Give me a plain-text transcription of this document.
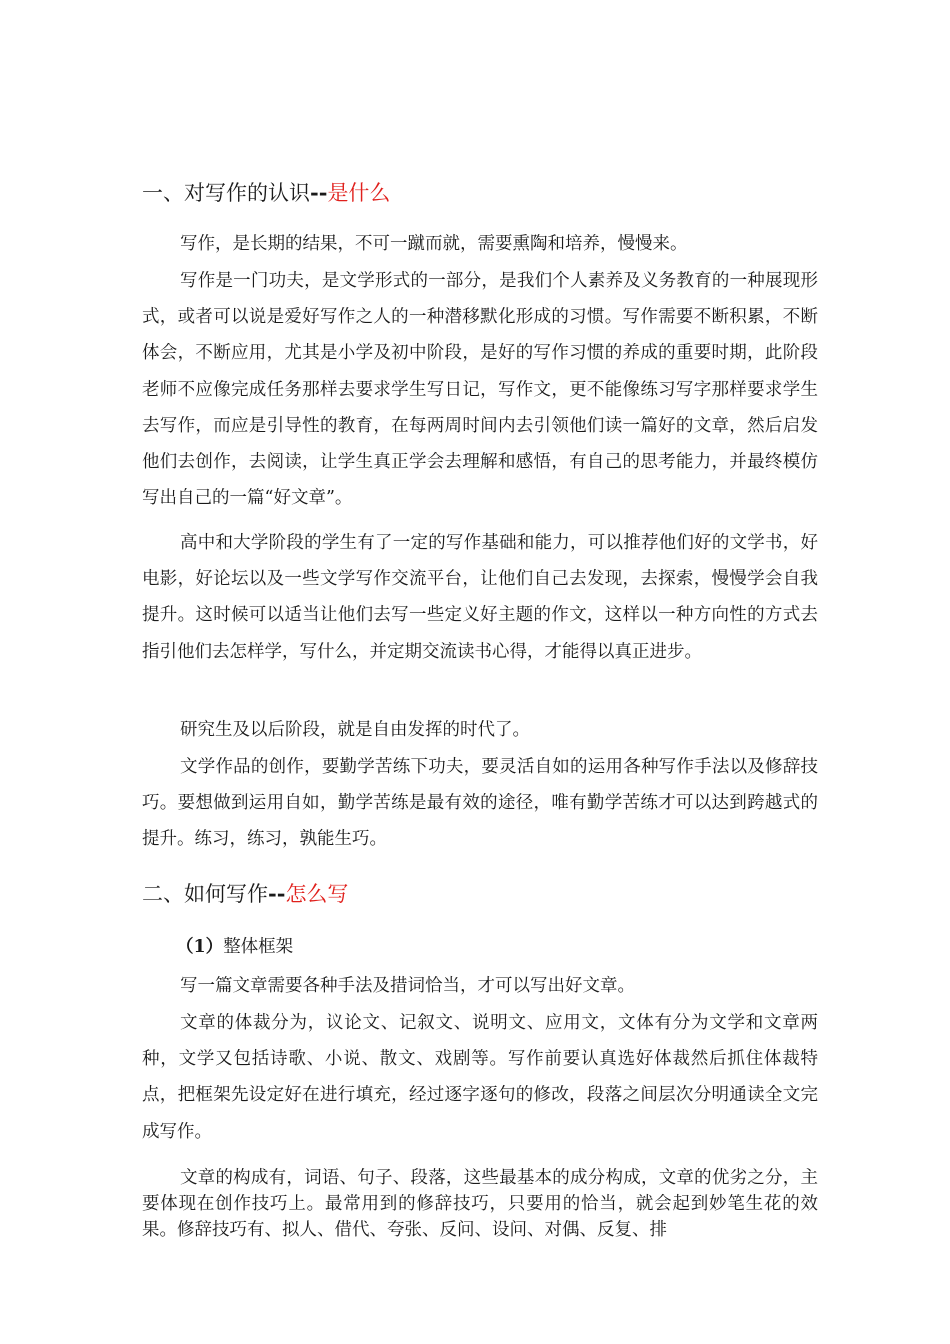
一、对写作的认识--是什么

写作，是长期的结果，不可一蹴而就，需要熏陶和培养，慢慢来。

写作是一门功夫，是文学形式的一部分，是我们个人素养及义务教育的一种展现形式，或者可以说是爱好写作之人的一种潜移默化形成的习惯。写作需要不断积累，不断体会，不断应用，尤其是小学及初中阶段，是好的写作习惯的养成的重要时期，此阶段老师不应像完成任务那样去要求学生写日记，写作文，更不能像练习写字那样要求学生去写作，而应是引导性的教育，在每两周时间内去引领他们读一篇好的文章，然后启发他们去创作，去阅读，让学生真正学会去理解和感悟，有自己的思考能力，并最终模仿写出自己的一篇“好文章”。

高中和大学阶段的学生有了一定的写作基础和能力，可以推荐他们好的文学书，好电影，好论坛以及一些文学写作交流平台，让他们自己去发现，去探索，慢慢学会自我提升。这时候可以适当让他们去写一些定义好主题的作文，这样以一种方向性的方式去指引他们去怎样学，写什么，并定期交流读书心得，才能得以真正进步。

研究生及以后阶段，就是自由发挥的时代了。

文学作品的创作，要勤学苦练下功夫，要灵活自如的运用各种写作手法以及修辞技巧。要想做到运用自如，勤学苦练是最有效的途径，唯有勤学苦练才可以达到跨越式的提升。练习，练习，孰能生巧。

二、如何写作--怎么写
（1）整体框架

写一篇文章需要各种手法及措词恰当，才可以写出好文章。

文章的体裁分为，议论文、记叙文、说明文、应用文，文体有分为文学和文章两种，文学又包括诗歌、小说、散文、戏剧等。写作前要认真选好体裁然后抓住体裁特点，把框架先设定好在进行填充，经过逐字逐句的修改，段落之间层次分明通读全文完成写作。

文章的构成有，词语、句子、段落，这些最基本的成分构成，文章的优劣之分，主要体现在创作技巧上。最常用到的修辞技巧，只要用的恰当，就会起到妙笔生花的效果。修辞技巧有、拟人、借代、夸张、反问、设问、对偶、反复、排
